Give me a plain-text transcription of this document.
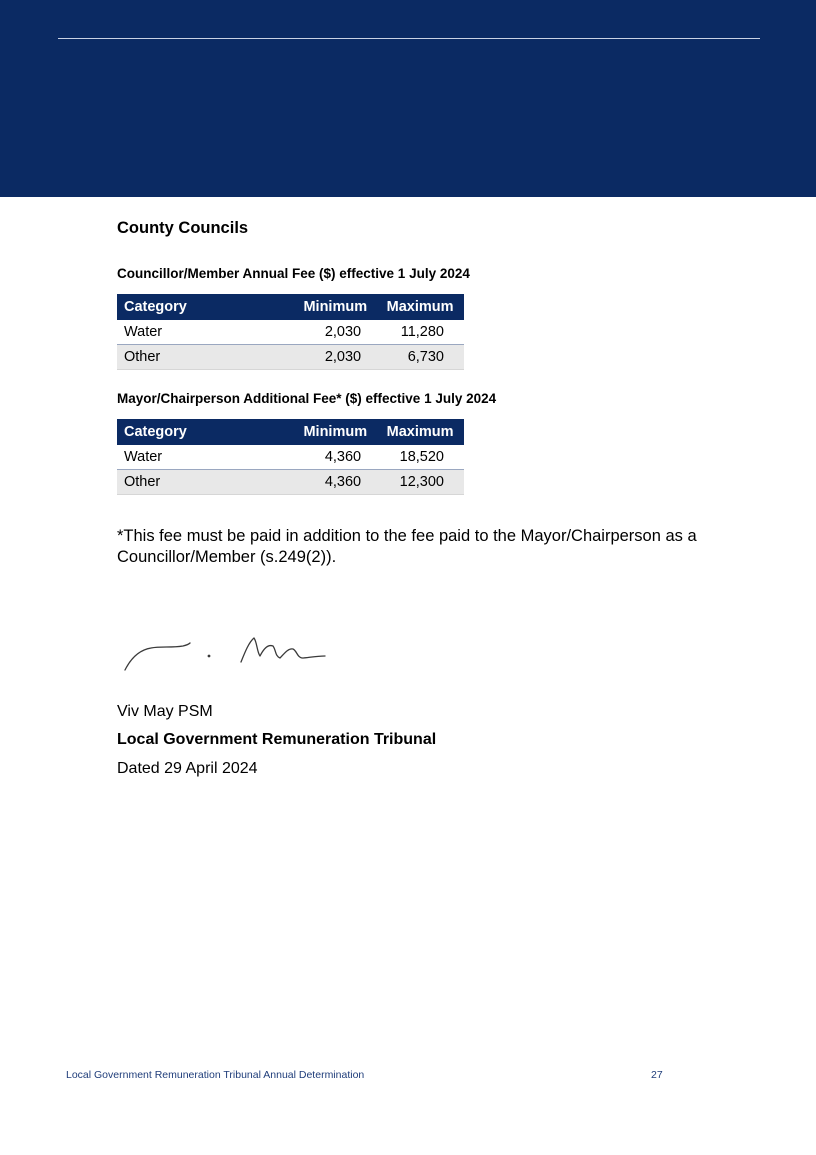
County Councils

Councillor/Member Annual Fee ($) effective 1 July 2024

Category	Minimum	Maximum
Water	2,030	11,280
Other	2,030	6,730

Mayor/Chairperson Additional Fee* ($) effective 1 July 2024

Category	Minimum	Maximum
Water	4,360	18,520
Other	4,360	12,300

*This fee must be paid in addition to the fee paid to the Mayor/Chairperson as a Councillor/Member (s.249(2)).

Viv May PSM

Local Government Remuneration Tribunal

Dated 29 April 2024

Local Government Remuneration Tribunal Annual Determination	27
